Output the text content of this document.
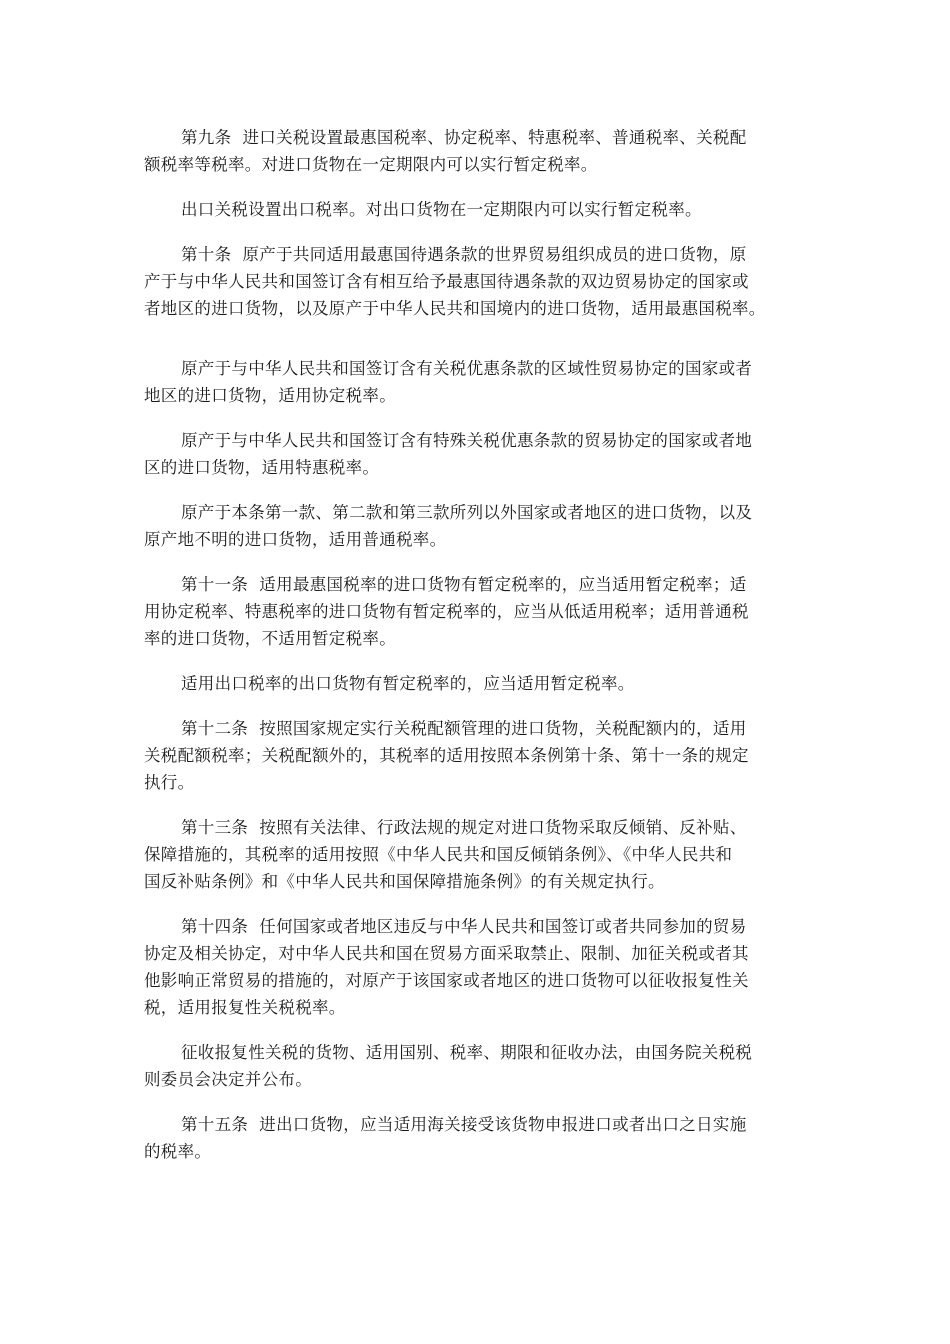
第九条  进口关税设置最惠国税率、协定税率、特惠税率、普通税率、关税配
额税率等税率。对进口货物在一定期限内可以实行暂定税率。

出口关税设置出口税率。对出口货物在一定期限内可以实行暂定税率。

第十条  原产于共同适用最惠国待遇条款的世界贸易组织成员的进口货物，原
产于与中华人民共和国签订含有相互给予最惠国待遇条款的双边贸易协定的国家或
者地区的进口货物，以及原产于中华人民共和国境内的进口货物，适用最惠国税率。

原产于与中华人民共和国签订含有关税优惠条款的区域性贸易协定的国家或者
地区的进口货物，适用协定税率。

原产于与中华人民共和国签订含有特殊关税优惠条款的贸易协定的国家或者地
区的进口货物，适用特惠税率。

原产于本条第一款、第二款和第三款所列以外国家或者地区的进口货物，以及
原产地不明的进口货物，适用普通税率。

第十一条  适用最惠国税率的进口货物有暂定税率的，应当适用暂定税率；适
用协定税率、特惠税率的进口货物有暂定税率的，应当从低适用税率；适用普通税
率的进口货物，不适用暂定税率。

适用出口税率的出口货物有暂定税率的，应当适用暂定税率。

第十二条  按照国家规定实行关税配额管理的进口货物，关税配额内的，适用
关税配额税率；关税配额外的，其税率的适用按照本条例第十条、第十一条的规定
执行。

第十三条  按照有关法律、行政法规的规定对进口货物采取反倾销、反补贴、
保障措施的，其税率的适用按照《中华人民共和国反倾销条例》、《中华人民共和
国反补贴条例》和《中华人民共和国保障措施条例》的有关规定执行。

第十四条  任何国家或者地区违反与中华人民共和国签订或者共同参加的贸易
协定及相关协定，对中华人民共和国在贸易方面采取禁止、限制、加征关税或者其
他影响正常贸易的措施的，对原产于该国家或者地区的进口货物可以征收报复性关
税，适用报复性关税税率。

征收报复性关税的货物、适用国别、税率、期限和征收办法，由国务院关税税
则委员会决定并公布。

第十五条  进出口货物，应当适用海关接受该货物申报进口或者出口之日实施
的税率。
